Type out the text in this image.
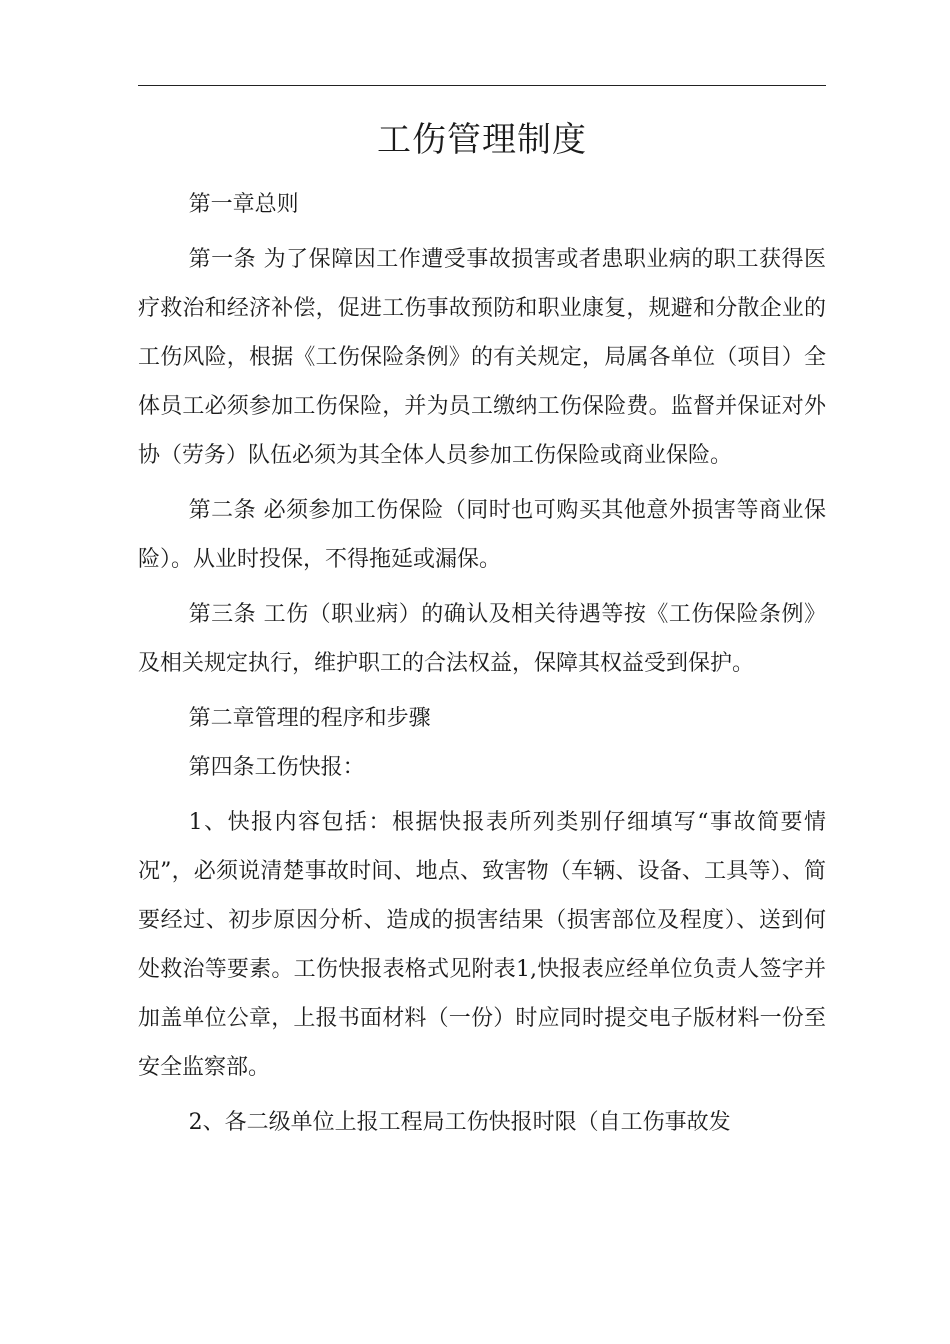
工伤管理制度

第一章总则

第一条 为了保障因工作遭受事故损害或者患职业病的职工获得医疗救治和经济补偿，促进工伤事故预防和职业康复，规避和分散企业的工伤风险，根据《工伤保险条例》的有关规定，局属各单位（项目）全体员工必须参加工伤保险，并为员工缴纳工伤保险费。监督并保证对外协（劳务）队伍必须为其全体人员参加工伤保险或商业保险。

第二条 必须参加工伤保险（同时也可购买其他意外损害等商业保险）。从业时投保，不得拖延或漏保。

第三条 工伤（职业病）的确认及相关待遇等按《工伤保险条例》及相关规定执行，维护职工的合法权益，保障其权益受到保护。

第二章管理的程序和步骤

第四条工伤快报：

1、快报内容包括：根据快报表所列类别仔细填写“事故简要情况”，必须说清楚事故时间、地点、致害物（车辆、设备、工具等）、简要经过、初步原因分析、造成的损害结果（损害部位及程度）、送到何处救治等要素。工伤快报表格式见附表1,快报表应经单位负责人签字并加盖单位公章，上报书面材料（一份）时应同时提交电子版材料一份至安全监察部。

2、各二级单位上报工程局工伤快报时限（自工伤事故发
